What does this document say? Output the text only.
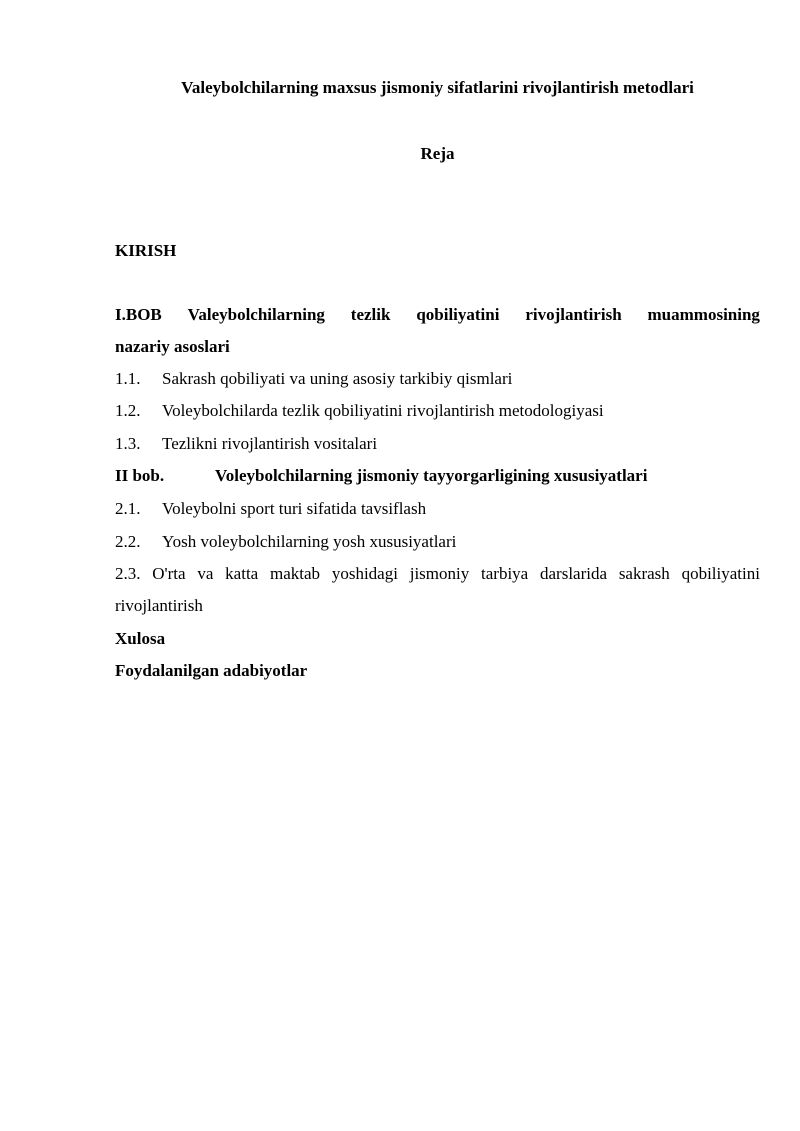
Valeybolchilarning maxsus jismoniy sifatlarini rivojlantirish metodlari
Reja
KIRISH
I.BOB Valeybolchilarning tezlik qobiliyatini rivojlantirish muammosining
nazariy asoslari
1.1. Sakrash qobiliyati va uning asosiy tarkibiy qismlari
1.2. Voleybolchilarda tezlik qobiliyatini rivojlantirish metodologiyasi
1.3. Tezlikni rivojlantirish vositalari
II bob.	Voleybolchilarning jismoniy tayyorgarligining xususiyatlari
2.1. Voleybolni sport turi sifatida tavsiflash
2.2. Yosh voleybolchilarning yosh xususiyatlari
2.3. O'rta va katta maktab yoshidagi jismoniy tarbiya darslarida sakrash qobiliyatini
rivojlantirish
Xulosa
Foydalanilgan adabiyotlar
